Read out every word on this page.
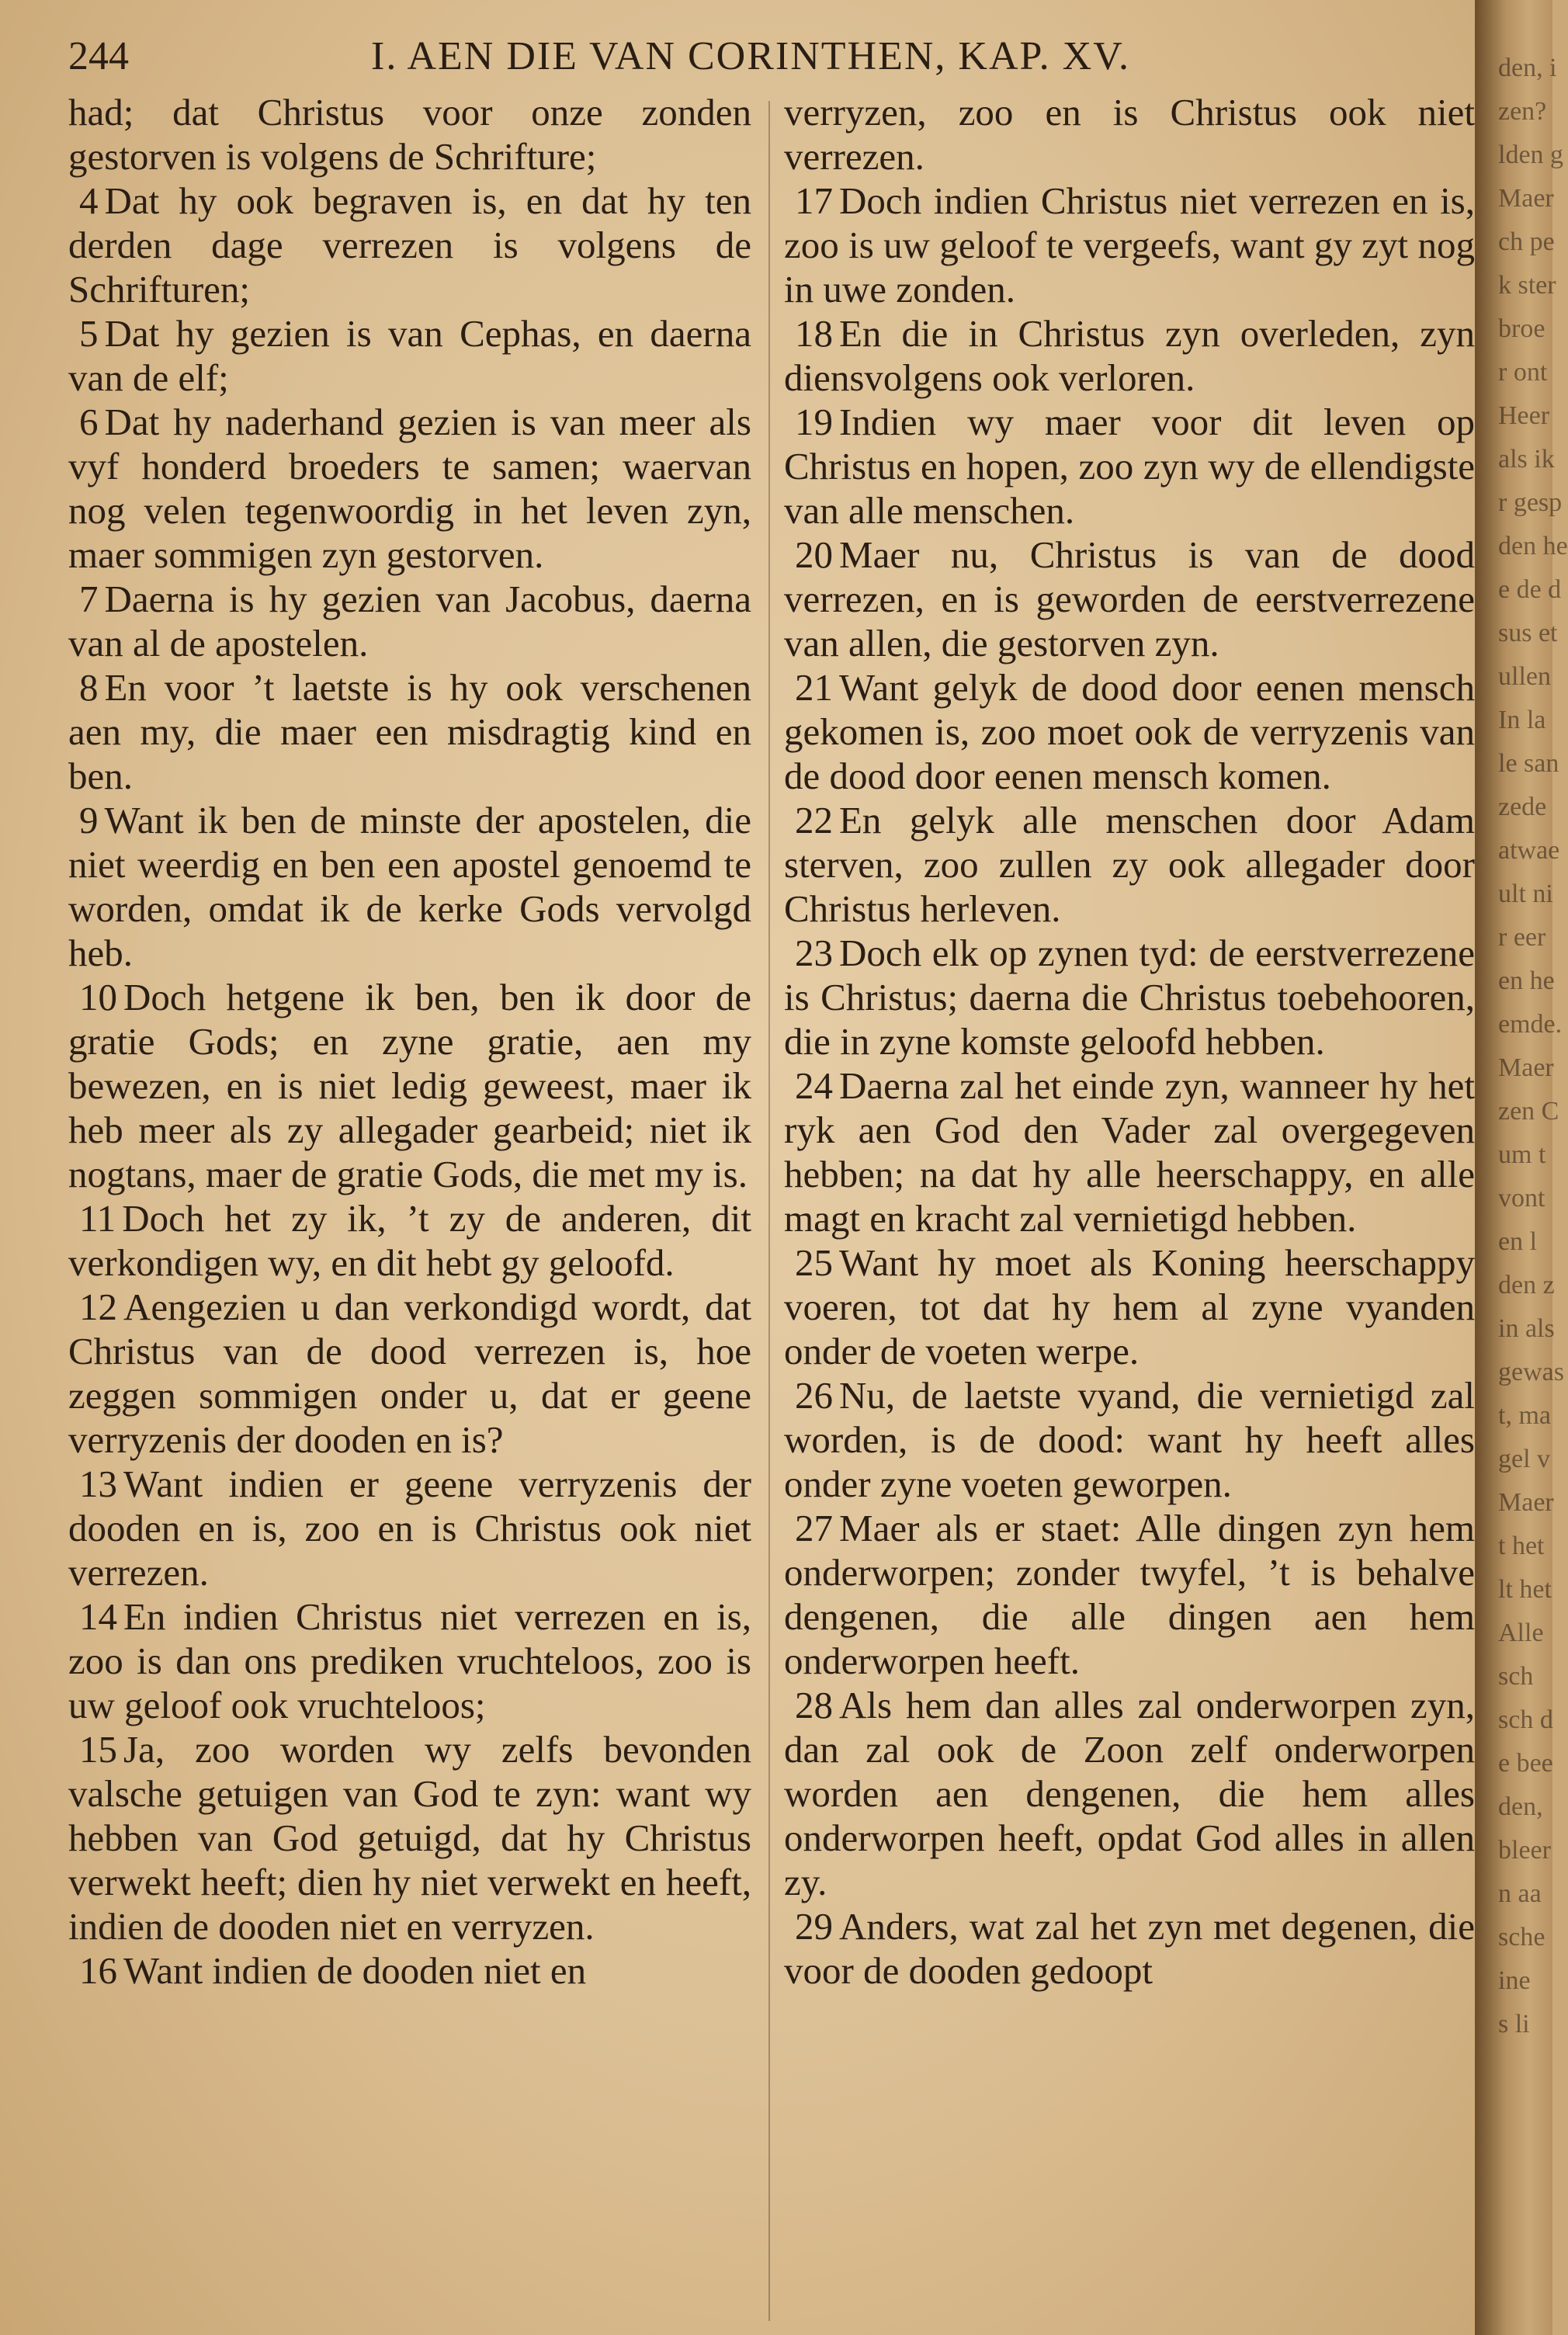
244	I. AEN DIE VAN CORINTHEN, KAP. XV.

had; dat Christus voor onze zonden gestorven is volgens de Schrifture;

4 Dat hy ook begraven is, en dat hy ten derden dage verrezen is volgens de Schrifturen;

5 Dat hy gezien is van Cephas, en daerna van de elf;

6 Dat hy naderhand gezien is van meer als vyf honderd broeders te samen; waervan nog velen tegenwoordig in het leven zyn, maer sommigen zyn gestorven.

7 Daerna is hy gezien van Jacobus, daerna van al de apostelen.

8 En voor ’t laetste is hy ook verschenen aen my, die maer een misdragtig kind en ben.

9 Want ik ben de minste der apostelen, die niet weerdig en ben een apostel genoemd te worden, omdat ik de kerke Gods vervolgd heb.

10 Doch hetgene ik ben, ben ik door de gratie Gods; en zyne gratie, aen my bewezen, en is niet ledig geweest, maer ik heb meer als zy allegader gearbeid; niet ik nogtans, maer de gratie Gods, die met my is.

11 Doch het zy ik, ’t zy de anderen, dit verkondigen wy, en dit hebt gy geloofd.

12 Aengezien u dan verkondigd wordt, dat Christus van de dood verrezen is, hoe zeggen sommigen onder u, dat er geene verryzenis der dooden en is?

13 Want indien er geene verryzenis der dooden en is, zoo en is Christus ook niet verrezen.

14 En indien Christus niet verrezen en is, zoo is dan ons prediken vruchteloos, zoo is uw geloof ook vruchteloos;

15 Ja, zoo worden wy zelfs bevonden valsche getuigen van God te zyn: want wy hebben van God getuigd, dat hy Christus verwekt heeft; dien hy niet verwekt en heeft, indien de dooden niet en verryzen.

16 Want indien de dooden niet en

verryzen, zoo en is Christus ook niet verrezen.

17 Doch indien Christus niet verrezen en is, zoo is uw geloof te vergeefs, want gy zyt nog in uwe zonden.

18 En die in Christus zyn overleden, zyn diensvolgens ook verloren.

19 Indien wy maer voor dit leven op Christus en hopen, zoo zyn wy de ellendigste van alle menschen.

20 Maer nu, Christus is van de dood verrezen, en is geworden de eerstverrezene van allen, die gestorven zyn.

21 Want gelyk de dood door eenen mensch gekomen is, zoo moet ook de verryzenis van de dood door eenen mensch komen.

22 En gelyk alle menschen door Adam sterven, zoo zullen zy ook allegader door Christus herleven.

23 Doch elk op zynen tyd: de eerstverrezene is Christus; daerna die Christus toebehooren, die in zyne komste geloofd hebben.

24 Daerna zal het einde zyn, wanneer hy het ryk aen God den Vader zal overgegeven hebben; na dat hy alle heerschappy, en alle magt en kracht zal vernietigd hebben.

25 Want hy moet als Koning heerschappy voeren, tot dat hy hem al zyne vyanden onder de voeten werpe.

26 Nu, de laetste vyand, die vernietigd zal worden, is de dood: want hy heeft alles onder zyne voeten geworpen.

27 Maer als er staet: Alle dingen zyn hem onderworpen; zonder twyfel, ’t is behalve dengenen, die alle dingen aen hem onderworpen heeft.

28 Als hem dan alles zal onderworpen zyn, dan zal ook de Zoon zelf onderworpen worden aen dengenen, die hem alles onderworpen heeft, opdat God alles in allen zy.

29 Anders, wat zal het zyn met degenen, die voor de dooden gedoopt

den, i
zen?
lden g
Maer
ch pe
k ster
broe
r ont
Heer
als ik
r gesp
den he
e de d
sus et
ullen
In la
le san
zede
atwae
ult ni
r eer
en he
emde.
Maer
zen C
um t
vont
en l
den z
in als
gewas
t, ma
gel v
Maer
t het
lt het
Alle
sch
sch d
e bee
den,
bleer
n aa
sche
ine
s li
